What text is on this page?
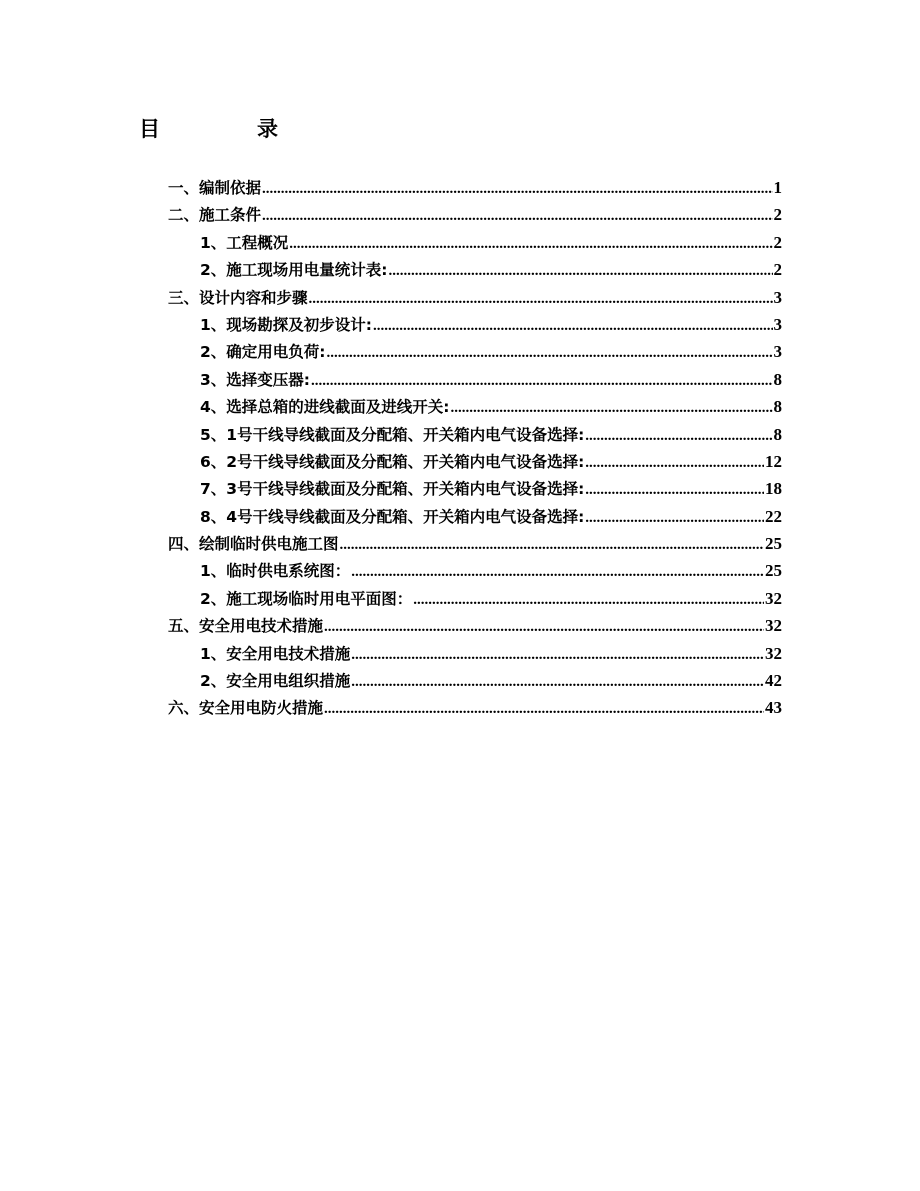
目　录
一、编制依据 .....	1
二、施工条件 .....	2
1、工程概况 .....	2
2、施工现场用电量统计表: .....	2
三、设计内容和步骤 .....	3
1、现场勘探及初步设计: .....	3
2、确定用电负荷: .....	3
3、选择变压器: .....	8
4、选择总箱的进线截面及进线开关: .....	8
5、1号干线导线截面及分配箱、开关箱内电气设备选择: .....	8
6、2号干线导线截面及分配箱、开关箱内电气设备选择: .....	12
7、3号干线导线截面及分配箱、开关箱内电气设备选择: .....	18
8、4号干线导线截面及分配箱、开关箱内电气设备选择: .....	22
四、绘制临时供电施工图 .....	25
1、临时供电系统图： .....	25
2、施工现场临时用电平面图： .....	32
五、安全用电技术措施 .....	32
1、安全用电技术措施 .....	32
2、安全用电组织措施 .....	42
六、安全用电防火措施 .....	43
